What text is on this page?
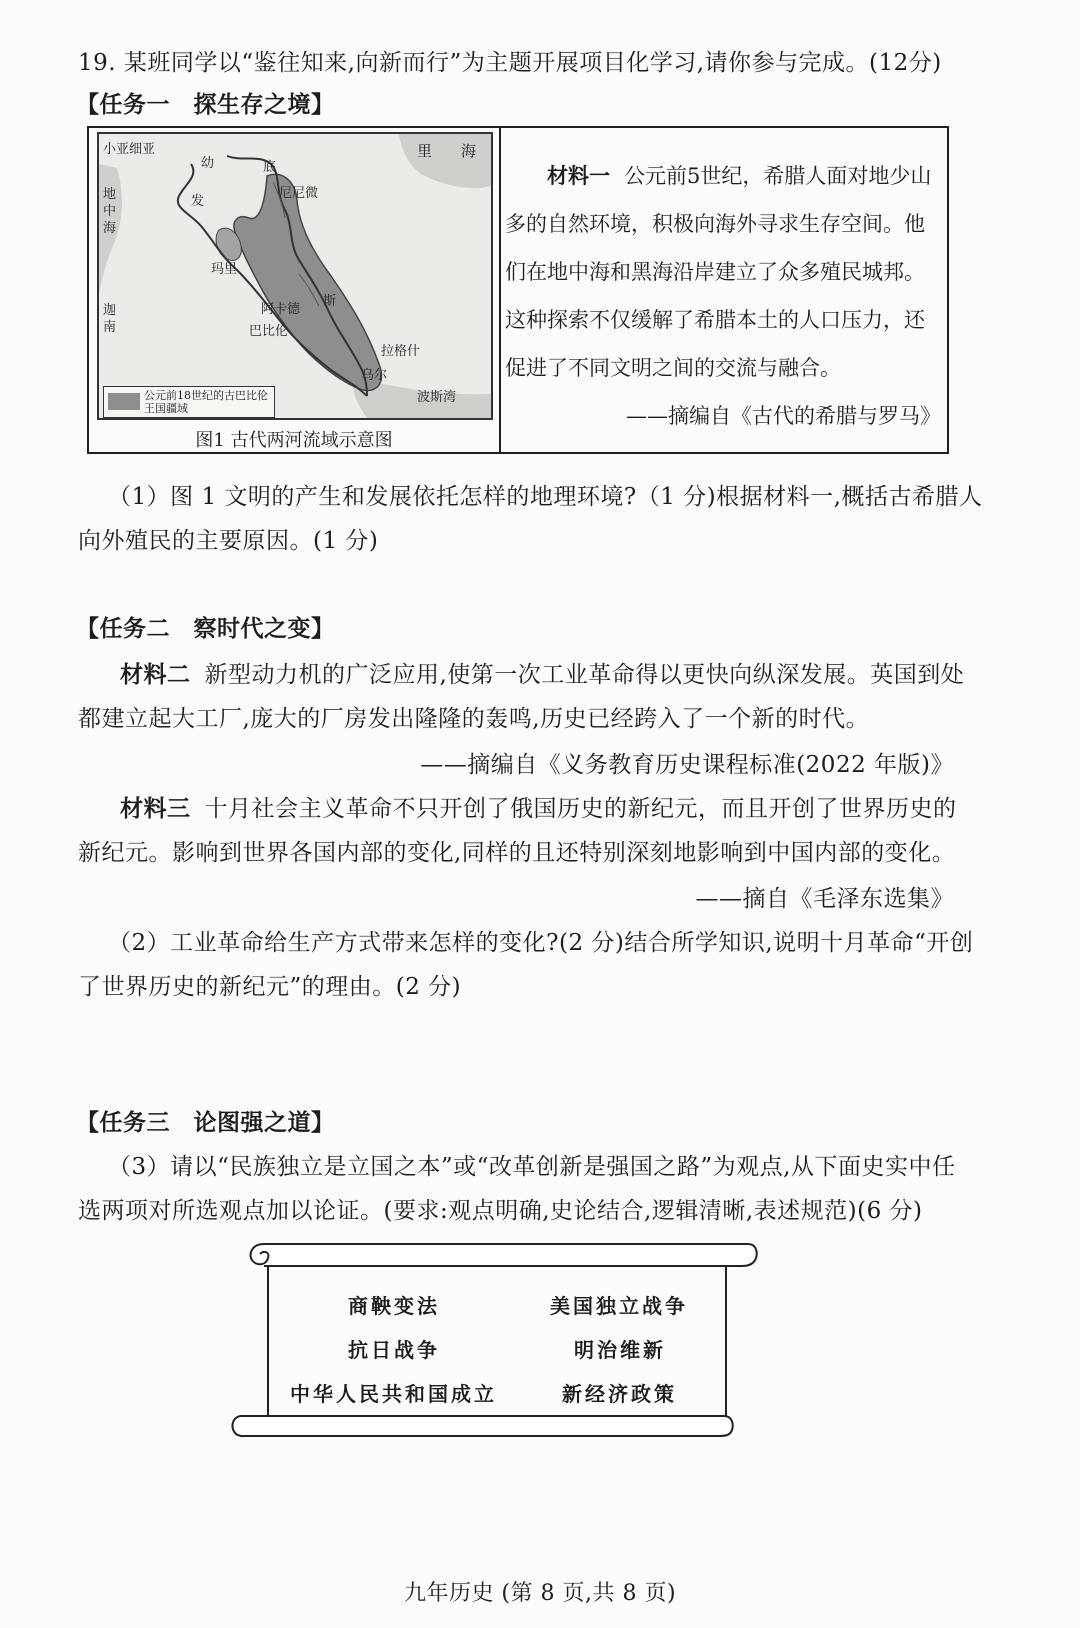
19. 某班同学以“鉴往知来,向新而行”为主题开展项目化学习,请你参与完成。(12分)
【任务一　探生存之境】
小亚细亚	里 海
幼
发
底
尼尼微
地中海
迦南
玛里
阿卡德
巴比伦
斯
乌尔
拉格什
波斯湾
公元前18世纪的古巴比伦王国疆域
图1 古代两河流域示意图
材料一 公元前5世纪，希腊人面对地少山多的自然环境，积极向海外寻求生存空间。他们在地中海和黑海沿岸建立了众多殖民城邦。这种探索不仅缓解了希腊本土的人口压力，还促进了不同文明之间的交流与融合。
——摘编自《古代的希腊与罗马》
（1）图 1 文明的产生和发展依托怎样的地理环境?（1 分)根据材料一,概括古希腊人
向外殖民的主要原因。(1 分)
【任务二　察时代之变】
材料二 新型动力机的广泛应用,使第一次工业革命得以更快向纵深发展。英国到处
都建立起大工厂,庞大的厂房发出隆隆的轰鸣,历史已经跨入了一个新的时代。
——摘编自《义务教育历史课程标准(2022 年版)》
材料三 十月社会主义革命不只开创了俄国历史的新纪元，而且开创了世界历史的
新纪元。影响到世界各国内部的变化,同样的且还特别深刻地影响到中国内部的变化。
——摘自《毛泽东选集》
（2）工业革命给生产方式带来怎样的变化?(2 分)结合所学知识,说明十月革命“开创
了世界历史的新纪元”的理由。(2 分)
【任务三　论图强之道】
（3）请以“民族独立是立国之本”或“改革创新是强国之路”为观点,从下面史实中任
选两项对所选观点加以论证。(要求:观点明确,史论结合,逻辑清晰,表述规范)(6 分)
商鞅变法	美国独立战争
抗日战争	明治维新
中华人民共和国成立	新经济政策
九年历史 (第 8 页,共 8 页)
